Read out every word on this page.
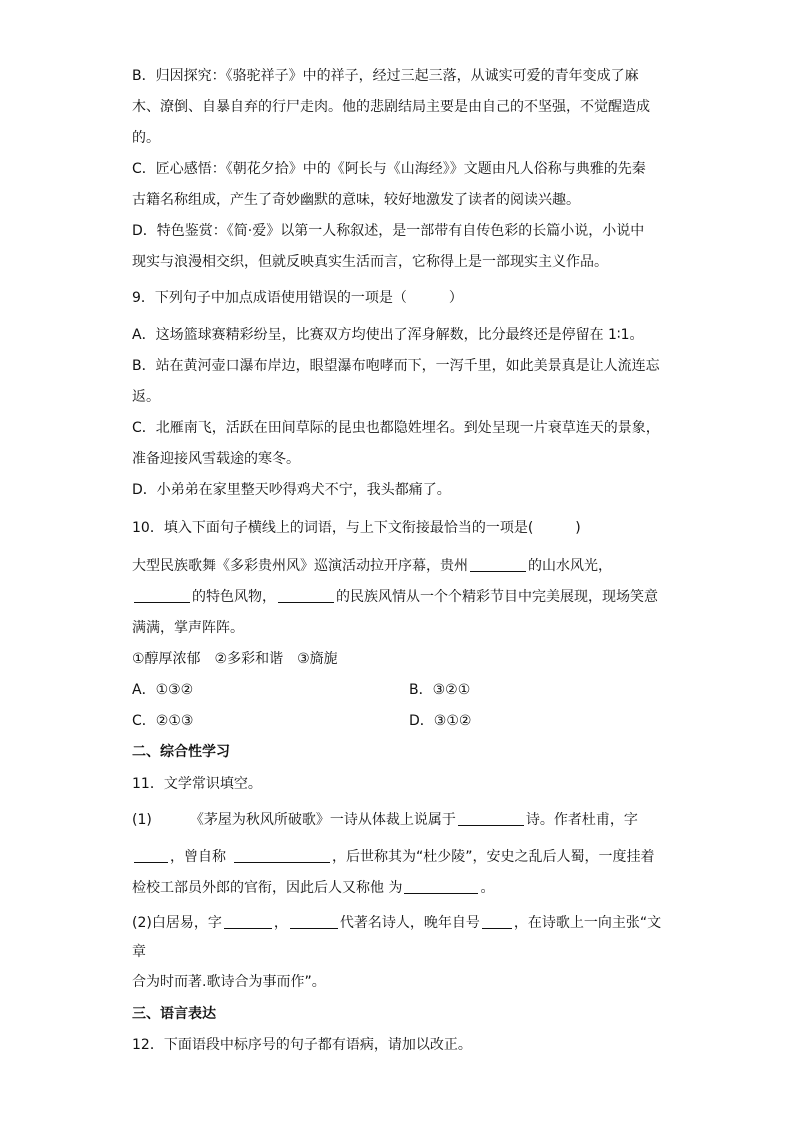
B．归因探究：《骆驼祥子》中的祥子，经过三起三落，从诚实可爱的青年变成了麻
木、潦倒、自暴自弃的行尸走肉。他的悲剧结局主要是由自己的不坚强，不觉醒造成
的。
C．匠心感悟：《朝花夕拾》中的《阿长与《山海经》》文题由凡人俗称与典雅的先秦
古籍名称组成，产生了奇妙幽默的意味，较好地激发了读者的阅读兴趣。
D．特色鉴赏：《简·爱》以第一人称叙述，是一部带有自传色彩的长篇小说，小说中
现实与浪漫相交织，但就反映真实生活而言，它称得上是一部现实主义作品。
9．下列句子中加点成语使用错误的一项是（　　　）
A．这场篮球赛精彩纷呈，比赛双方均使出了浑身解数，比分最终还是停留在 1∶1。
B．站在黄河壶口瀑布岸边，眼望瀑布咆哮而下，一泻千里，如此美景真是让人流连忘
返。
C．北雁南飞，活跃在田间草际的昆虫也都隐姓埋名。到处呈现一片衰草连天的景象，
准备迎接风雪载途的寒冬。
D．小弟弟在家里整天吵得鸡犬不宁，我头都痛了。
10．填入下面句子横线上的词语，与上下文衔接最恰当的一项是(　　　)
大型民族歌舞《多彩贵州风》巡演活动拉开序幕，贵州	的山水风光，
的特色风物，	的民族风情从一个个精彩节目中完美展现，现场笑意
满满，掌声阵阵。
①醇厚浓郁　②多彩和谐　③旖旎
A．①③②	B．③②①
C．②①③	D．③①②
二、综合性学习
11．文学常识填空。
(1)	《茅屋为秋风所破歌》一诗从体裁上说属于	诗。作者杜甫，字
，曾自称	，后世称其为“杜少陵”，安史之乱后人蜀，一度挂着
检校工部员外郎的官衔，因此后人又称他 为	。
(2)白居易，字	，	代著名诗人，晚年自号 ，在诗歌上一向主张“文
章
合为时而著.歌诗合为事而作”。
三、语言表达
12．下面语段中标序号的句子都有语病，请加以改正。
